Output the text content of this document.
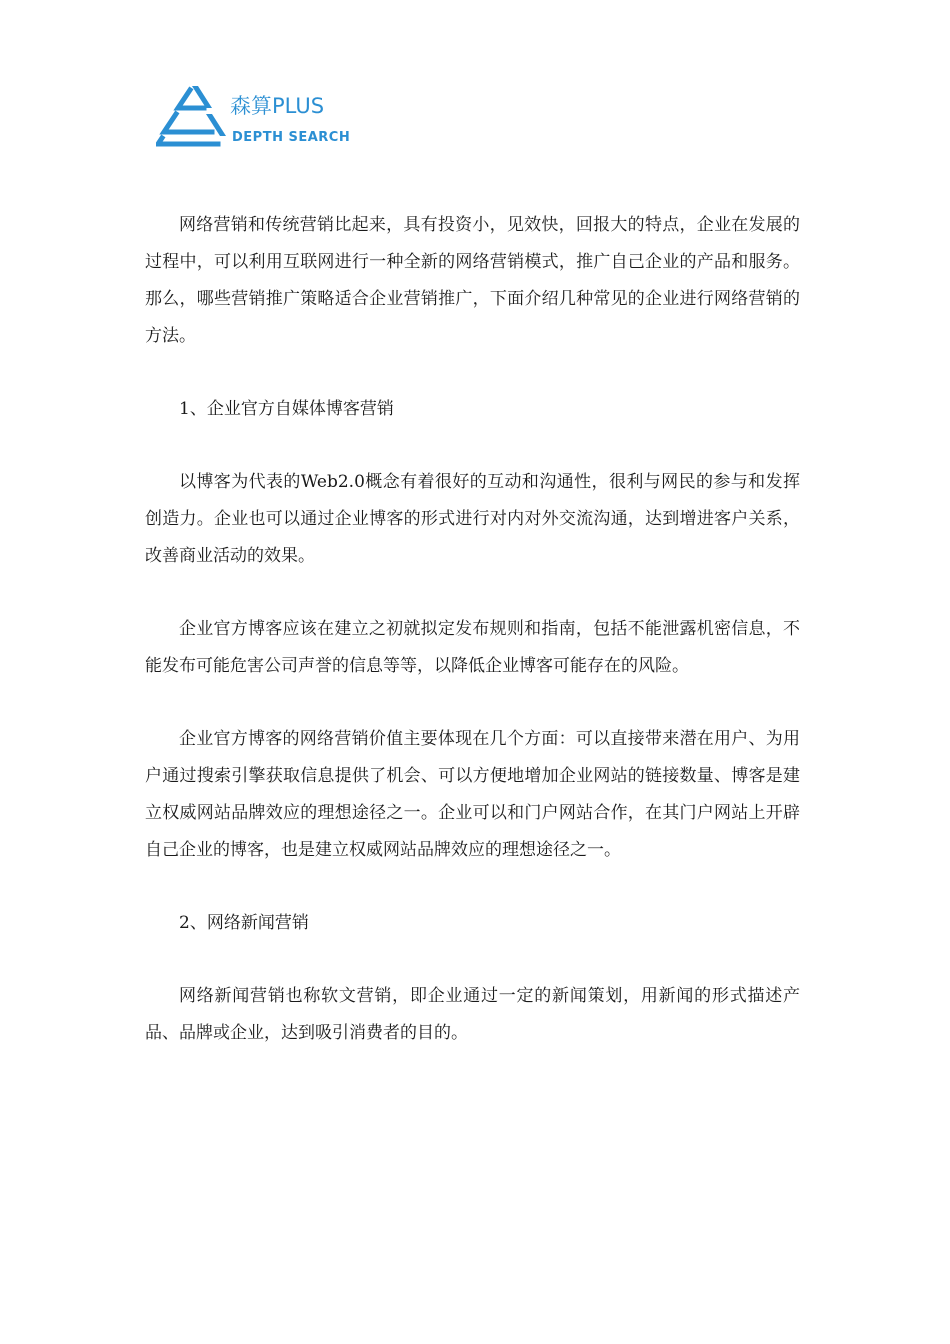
森算PLUS
DEPTH SEARCH

网络营销和传统营销比起来，具有投资小，见效快，回报大的特点，企业在发展的过程中，可以利用互联网进行一种全新的网络营销模式，推广自己企业的产品和服务。那么，哪些营销推广策略适合企业营销推广，下面介绍几种常见的企业进行网络营销的方法。

1、企业官方自媒体博客营销

以博客为代表的Web2.0概念有着很好的互动和沟通性，很利与网民的参与和发挥创造力。企业也可以通过企业博客的形式进行对内对外交流沟通，达到增进客户关系，改善商业活动的效果。

企业官方博客应该在建立之初就拟定发布规则和指南，包括不能泄露机密信息，不能发布可能危害公司声誉的信息等等，以降低企业博客可能存在的风险。

企业官方博客的网络营销价值主要体现在几个方面：可以直接带来潜在用户、为用户通过搜索引擎获取信息提供了机会、可以方便地增加企业网站的链接数量、博客是建立权威网站品牌效应的理想途径之一。企业可以和门户网站合作，在其门户网站上开辟自己企业的博客，也是建立权威网站品牌效应的理想途径之一。

2、网络新闻营销

网络新闻营销也称软文营销，即企业通过一定的新闻策划，用新闻的形式描述产品、品牌或企业，达到吸引消费者的目的。
